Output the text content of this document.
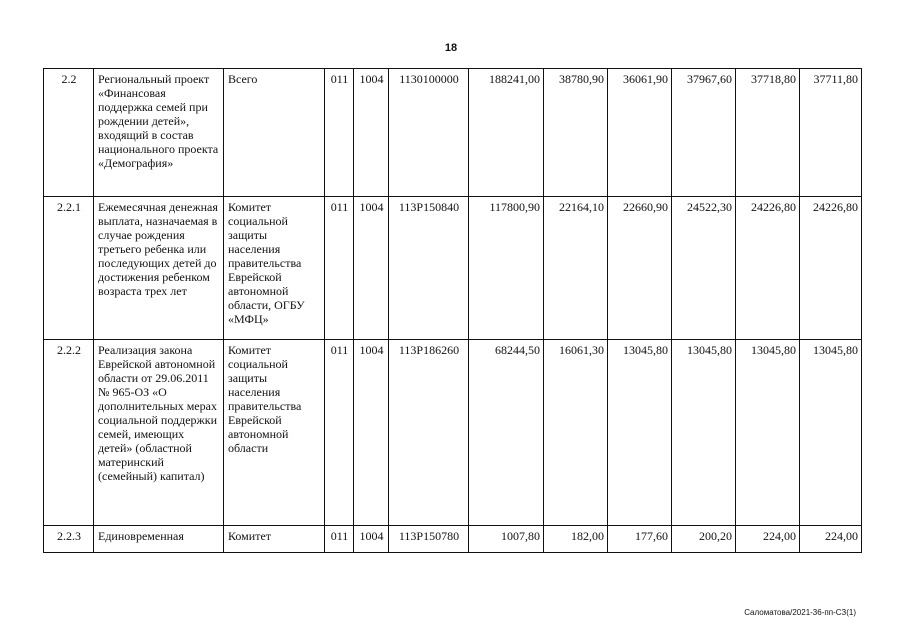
18
2.2	Региональный проект «Финансовая поддержка семей при рождении детей», входящий в состав национального проекта «Демография»	Всего	011	1004	1130100000	188241,00	38780,90	36061,90	37967,60	37718,80	37711,80
2.2.1	Ежемесячная денежная выплата, назначаемая в случае рождения третьего ребенка или последующих детей до достижения ребенком возраста трех лет	Комитет социальной защиты населения правительства Еврейской автономной области, ОГБУ «МФЦ»	011	1004	113P150840	117800,90	22164,10	22660,90	24522,30	24226,80	24226,80
2.2.2	Реализация закона Еврейской автономной области от 29.06.2011 № 965-ОЗ «О дополнительных мерах социальной поддержки семей, имеющих детей» (областной материнский (семейный) капитал)	Комитет социальной защиты населения правительства Еврейской автономной области	011	1004	113P186260	68244,50	16061,30	13045,80	13045,80	13045,80	13045,80
2.2.3	Единовременная	Комитет	011	1004	113P150780	1007,80	182,00	177,60	200,20	224,00	224,00
Саломатова/2021-36-пп-СЗ(1)
